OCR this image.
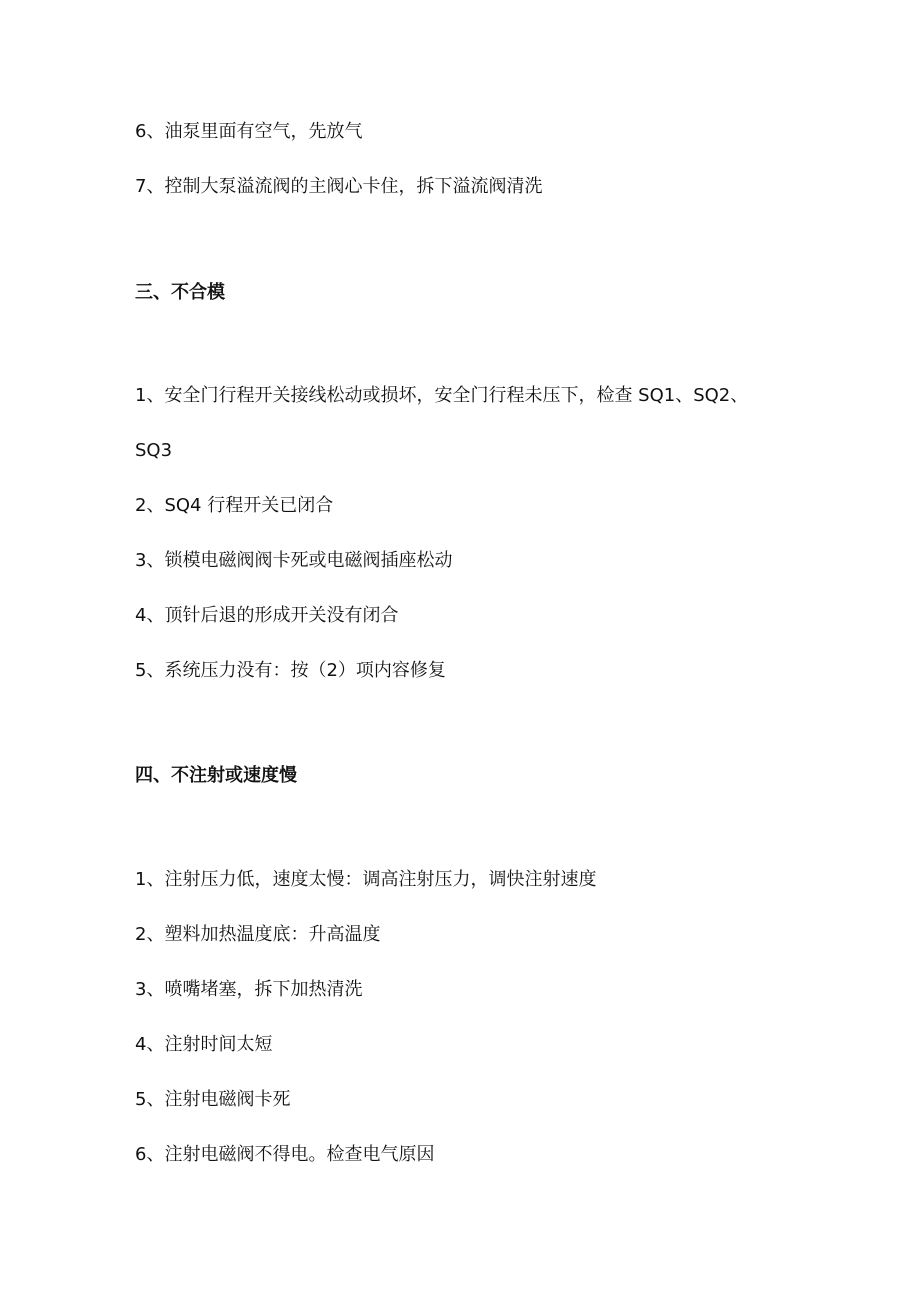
6、油泵里面有空气，先放气
7、控制大泵溢流阀的主阀心卡住，拆下溢流阀清洗
三、不合模
1、安全门行程开关接线松动或损坏，安全门行程未压下，检查 SQ1、SQ2、
SQ3
2、SQ4 行程开关已闭合
3、锁模电磁阀阀卡死或电磁阀插座松动
4、顶针后退的形成开关没有闭合
5、系统压力没有：按（2）项内容修复
四、不注射或速度慢
1、注射压力低，速度太慢：调高注射压力，调快注射速度
2、塑料加热温度底：升高温度
3、喷嘴堵塞，拆下加热清洗
4、注射时间太短
5、注射电磁阀卡死
6、注射电磁阀不得电。检查电气原因
